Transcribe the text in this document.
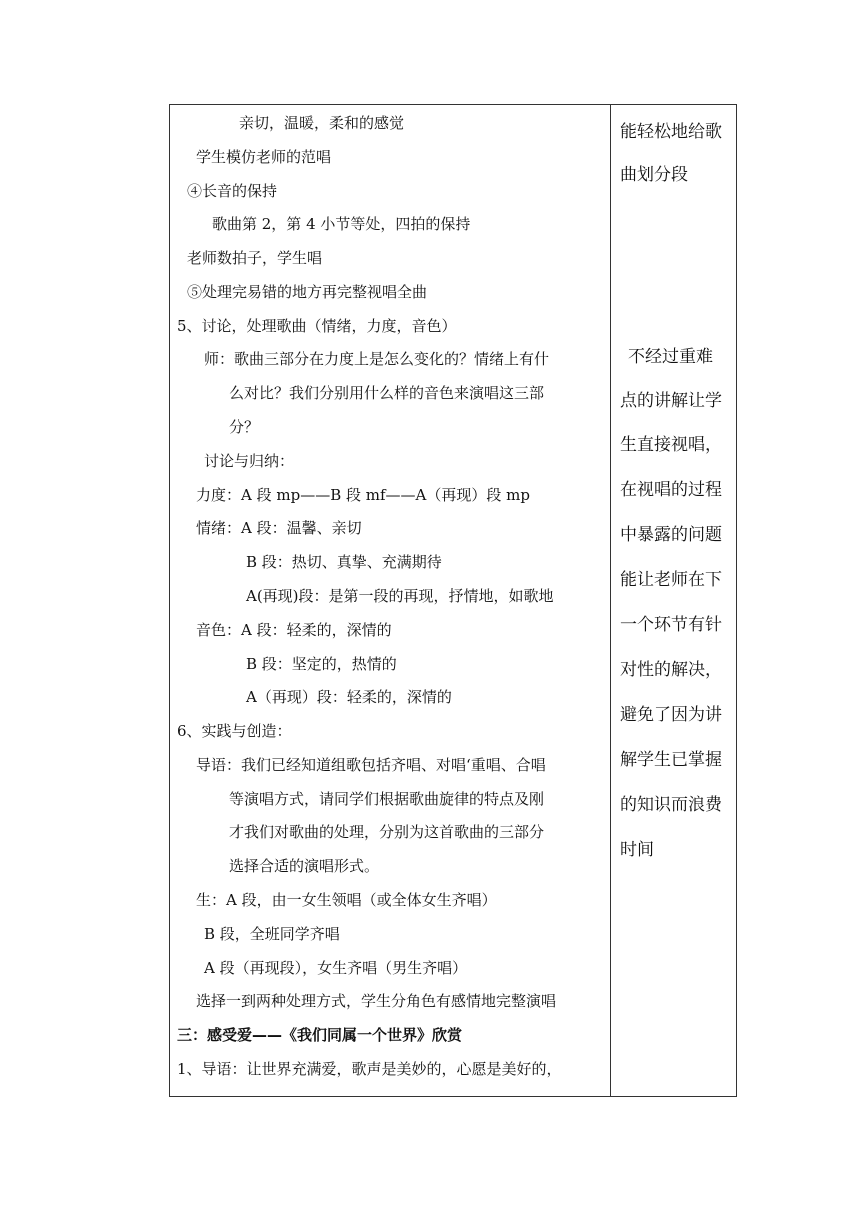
亲切，温暖，柔和的感觉
学生模仿老师的范唱
④长音的保持
歌曲第 2，第 4 小节等处，四拍的保持
老师数拍子，学生唱
⑤处理完易错的地方再完整视唱全曲
5、讨论，处理歌曲（情绪，力度，音色）
师：歌曲三部分在力度上是怎么变化的？情绪上有什
么对比？我们分别用什么样的音色来演唱这三部
分？
讨论与归纳：
力度：A 段 mp——B 段 mf——A（再现）段 mp
情绪：A 段：温馨、亲切
B 段：热切、真挚、充满期待
A(再现)段：是第一段的再现，抒情地，如歌地
音色：A 段：轻柔的，深情的
B 段：坚定的，热情的
A（再现）段：轻柔的，深情的
6、实践与创造：
导语：我们已经知道组歌包括齐唱、对唱‘重唱、合唱
等演唱方式，请同学们根据歌曲旋律的特点及刚
才我们对歌曲的处理，分别为这首歌曲的三部分
选择合适的演唱形式。
生：A 段，由一女生领唱（或全体女生齐唱）
B 段，全班同学齐唱
A 段（再现段），女生齐唱（男生齐唱）
选择一到两种处理方式，学生分角色有感情地完整演唱
三：感受爱——《我们同属一个世界》欣赏
1、导语：让世界充满爱，歌声是美妙的，心愿是美好的，
能轻松地给歌
曲划分段
不经过重难
点的讲解让学
生直接视唱，
在视唱的过程
中暴露的问题
能让老师在下
一个环节有针
对性的解决，
避免了因为讲
解学生已掌握
的知识而浪费
时间
